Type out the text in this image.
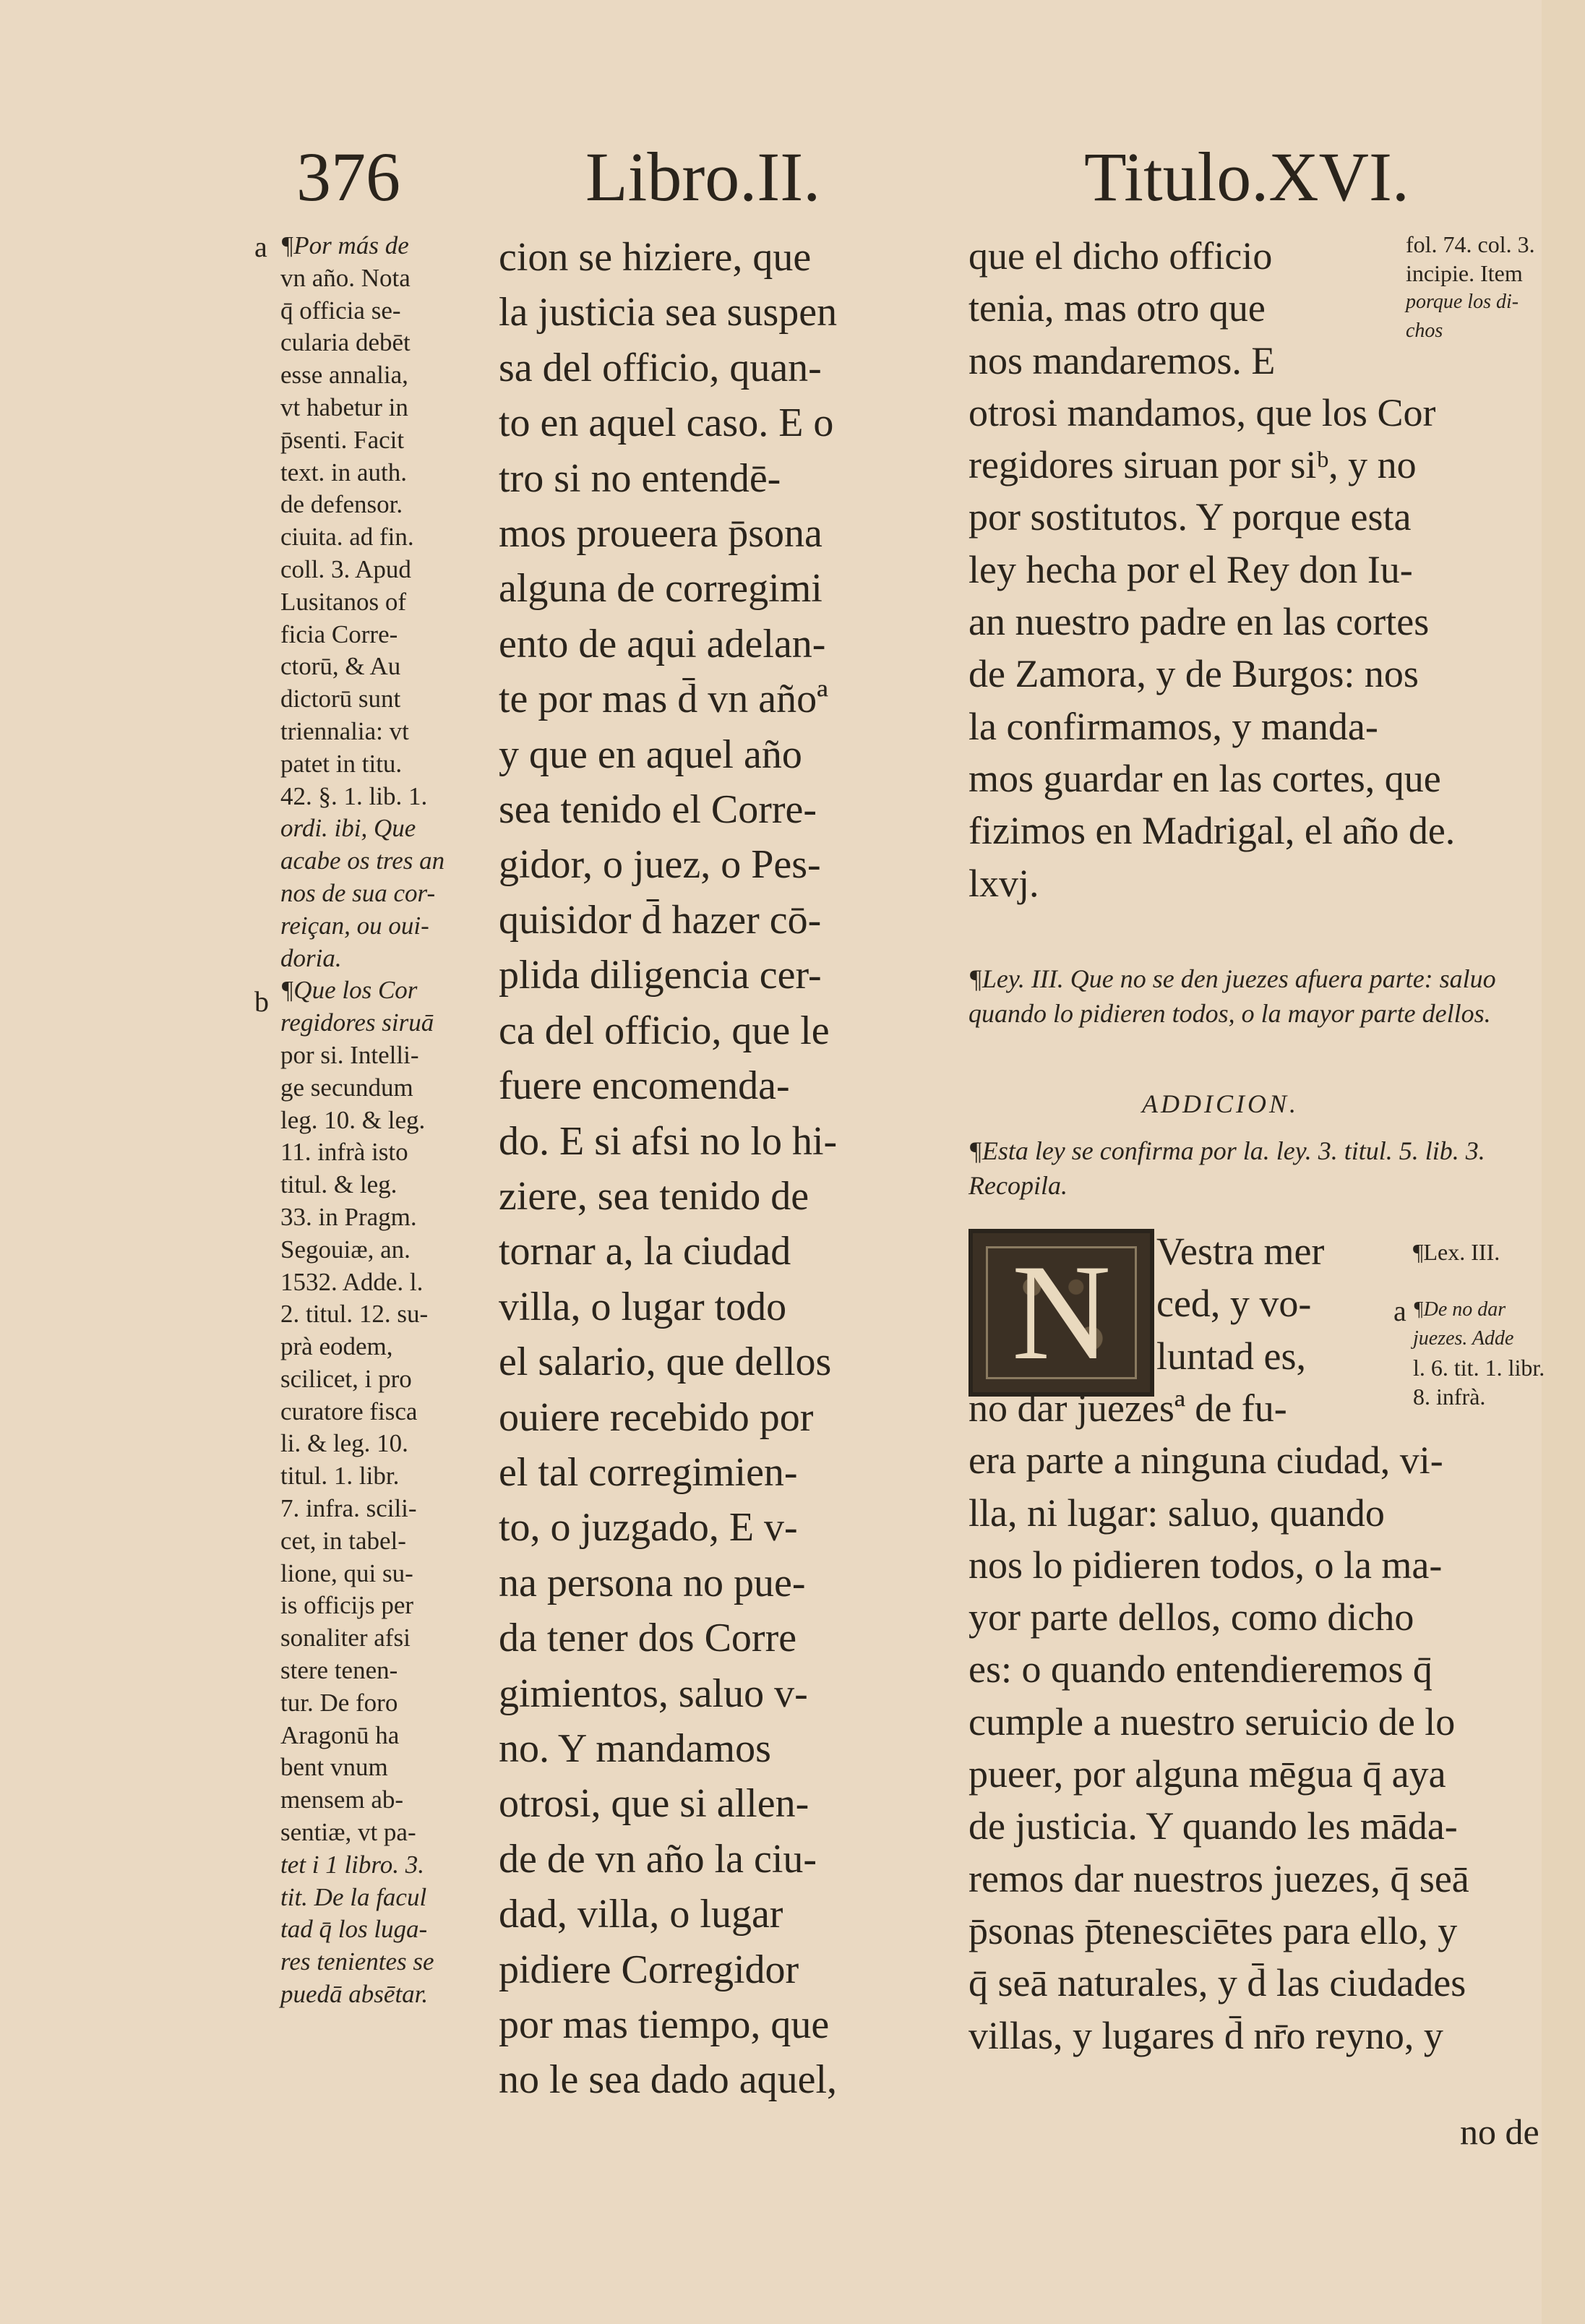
376	Libro.II.	Titulo.XVI.
a
b
¶Por más de
vn año. Nota
q̄ officia se-
cularia debēt
esse annalia,
vt habetur in
p̄senti. Facit
text. in auth.
de defensor.
ciuita. ad fin.
coll. 3. Apud
Lusitanos of
ficia Corre-
ctorū, & Au
dictorū sunt
triennalia: vt
patet in titu.
42. §. 1. lib. 1.
ordi. ibi, Que
acabe os tres an
nos de sua cor-
reiçan, ou oui-
doria.
¶Que los Cor
regidores siruā
por si. Intelli-
ge secundum
leg. 10. & leg.
11. infrà isto
titul. & leg.
33. in Pragm.
Segouiæ, an.
1532. Adde. l.
2. titul. 12. su-
prà eodem,
scilicet, i pro
curatore fisca
li. & leg. 10.
titul. 1. libr.
7. infra. scili-
cet, in tabel-
lione, qui su-
is officijs per
sonaliter afsi
stere tenen-
tur. De foro
Aragonū ha
bent vnum
mensem ab-
sentiæ, vt pa-
tet i 1 libro. 3.
tit. De la facul
tad q̄ los luga-
res tenientes se
puedā absētar.
cion se hiziere, que
la justicia sea suspen
sa del officio, quan-
to en aquel caso. E o
tro si no entendē-
mos proueera p̄sona
alguna de corregimi
ento de aqui adelan-
te por mas d̄ vn añoª
y que en aquel año
sea tenido el Corre-
gidor, o juez, o Pes-
quisidor d̄ hazer cō-
plida diligencia cer-
ca del officio, que le
fuere encomenda-
do. E si afsi no lo hi-
ziere, sea tenido de
tornar a, la ciudad
villa, o lugar todo
el salario, que dellos
ouiere recebido por
el tal corregimien-
to, o juzgado, E v-
na persona no pue-
da tener dos Corre
gimientos, saluo v-
no. Y mandamos
otrosi, que si allen-
de de vn año la ciu-
dad, villa, o lugar
pidiere Corregidor
por mas tiempo, que
no le sea dado aquel,
que el dicho officio
tenia, mas otro que
nos mandaremos. E
otrosi mandamos, que los Cor
regidores siruan por siᵇ, y no
por sostitutos. Y porque esta
ley hecha por el Rey don Iu-
an nuestro padre en las cortes
de Zamora, y de Burgos: nos
la confirmamos, y manda-
mos guardar en las cortes, que
fizimos en Madrigal, el año de.
lxvj.
fol. 74. col. 3.
incipie. Item
porque los di-
chos
¶Ley. III. Que no se den juezes afuera parte: saluo quando lo pidieren todos, o la mayor parte dellos.
ADDICION.
¶Esta ley se confirma por la. ley. 3. titul. 5. lib. 3. Recopila.
N	Vestra mer
ced, y vo-
luntad es,
a
¶Lex. III.

¶De no dar
juezes. Adde
l. 6. tit. 1. libr.
8. infrà.
no dar juezesª de fu-
era parte a ninguna ciudad, vi-
lla, ni lugar: saluo, quando
nos lo pidieren todos, o la ma-
yor parte dellos, como dicho
es: o quando entendieremos q̄
cumple a nuestro seruicio de lo
pueer, por alguna mēgua q̄ aya
de justicia. Y quando les māda-
remos dar nuestros juezes, q̄ seā
p̄sonas p̄tenesciētes para ello, y
q̄ seā naturales, y d̄ las ciudades
villas, y lugares d̄ nr̄o reyno, y
no de
